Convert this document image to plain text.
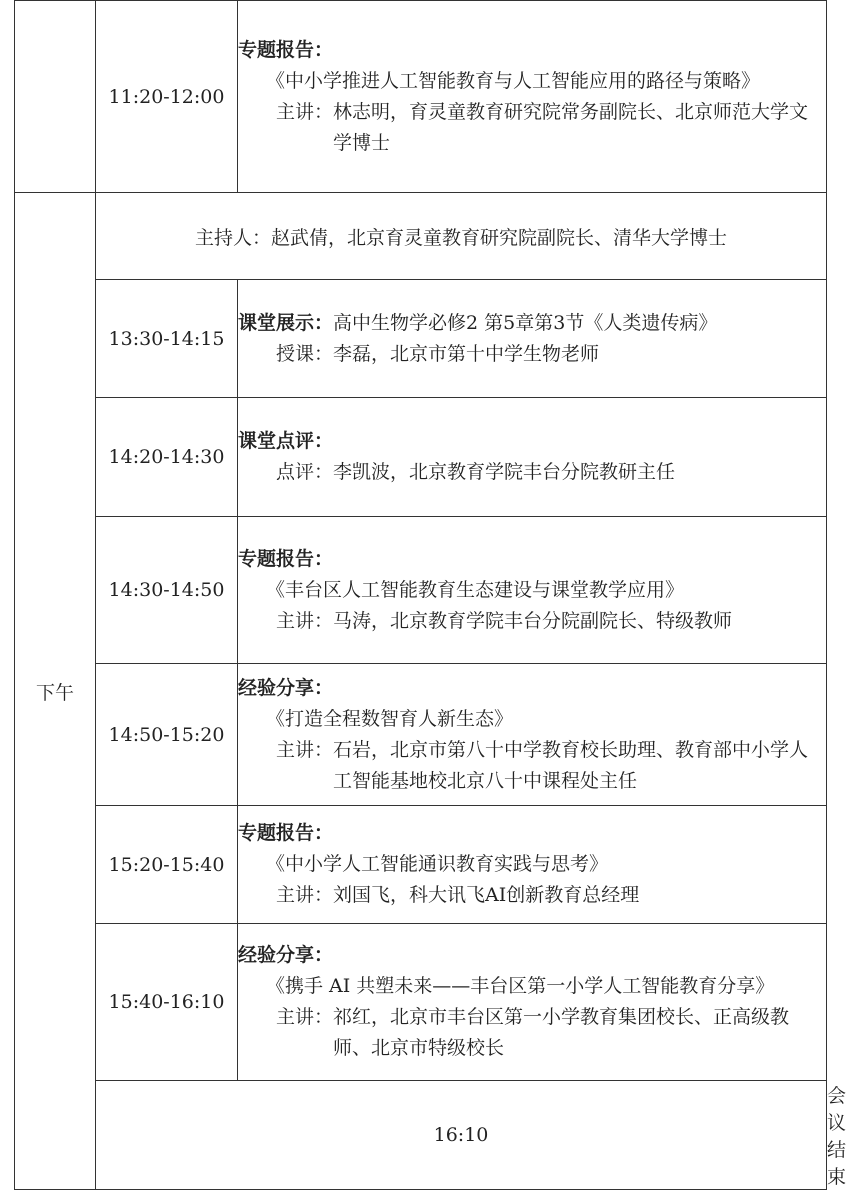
	11:20-12:00	专题报告：
《中小学推进人工智能教育与人工智能应用的路径与策略》
主讲： 林志明，育灵童教育研究院常务副院长、北京师范大学文学博士	

下午	主持人：赵武倩，北京育灵童教育研究院副院长、清华大学博士		
	13:30-14:15	课堂展示：高中生物学必修2 第5章第3节《人类遗传病》
授课： 李磊，北京市第十中学生物老师	

	14:20-14:30	课堂点评：
点评： 李凯波，北京教育学院丰台分院教研主任	

	14:30-14:50	专题报告：
《丰台区人工智能教育生态建设与课堂教学应用》
主讲： 马涛，北京教育学院丰台分院副院长、特级教师	

	14:50-15:20	经验分享：
《打造全程数智育人新生态》
主讲： 石岩，北京市第八十中学教育校长助理、教育部中小学人工智能基地校北京八十中课程处主任	

	15:20-15:40	专题报告：
《中小学人工智能通识教育实践与思考》
主讲： 刘国飞，科大讯飞AI创新教育总经理	

	15:40-16:10	经验分享：
《携手 AI 共塑未来——丰台区第一小学人工智能教育分享》
主讲： 祁红，北京市丰台区第一小学教育集团校长、正高级教师、北京市特级校长	

	16:10		会议结束
